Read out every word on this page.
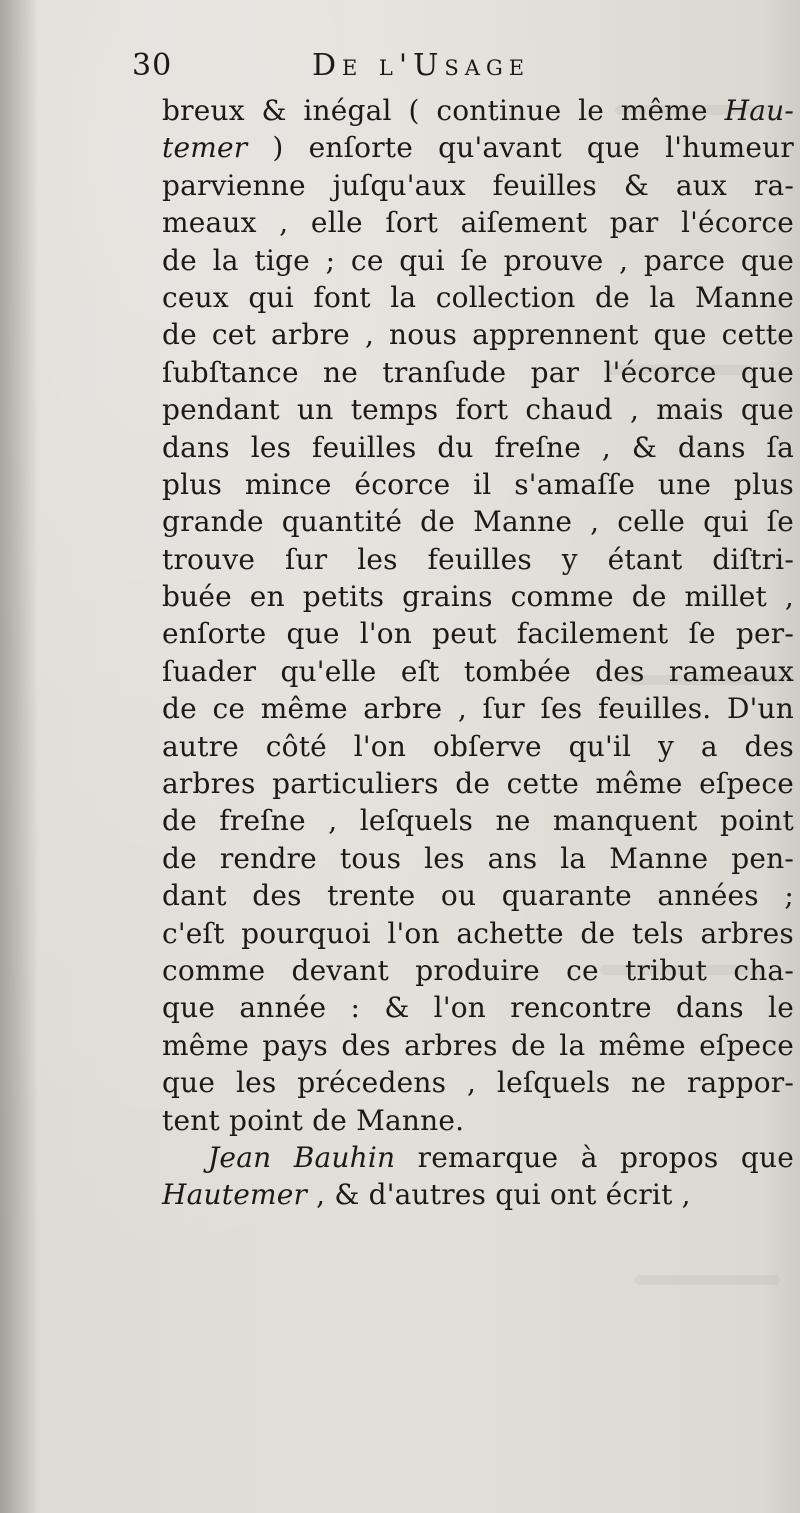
30	De l'Usage
breux & inégal ( continue le même Hau-
temer ) enſorte qu'avant que l'humeur
parvienne juſqu'aux feuilles & aux ra-
meaux , elle ſort aiſement par l'écorce
de la tige ; ce qui ſe prouve , parce que
ceux qui font la collection de la Manne
de cet arbre , nous apprennent que cette
ſubſtance ne tranſude par l'écorce que
pendant un temps fort chaud , mais que
dans les feuilles du freſne , & dans ſa
plus mince écorce il s'amaſſe une plus
grande quantité de Manne , celle qui ſe
trouve ſur les feuilles y étant diſtri-
buée en petits grains comme de millet ,
enſorte que l'on peut facilement ſe per-
ſuader qu'elle eſt tombée des rameaux
de ce même arbre , ſur ſes feuilles. D'un
autre côté l'on obſerve qu'il y a des
arbres particuliers de cette même eſpece
de freſne , leſquels ne manquent point
de rendre tous les ans la Manne pen-
dant des trente ou quarante années ;
c'eſt pourquoi l'on achette de tels arbres
comme devant produire ce tribut cha-
que année : & l'on rencontre dans le
même pays des arbres de la même eſpece
que les précedens , leſquels ne rappor-
tent point de Manne.
Jean Bauhin remarque à propos que
Hautemer , & d'autres qui ont écrit ,
